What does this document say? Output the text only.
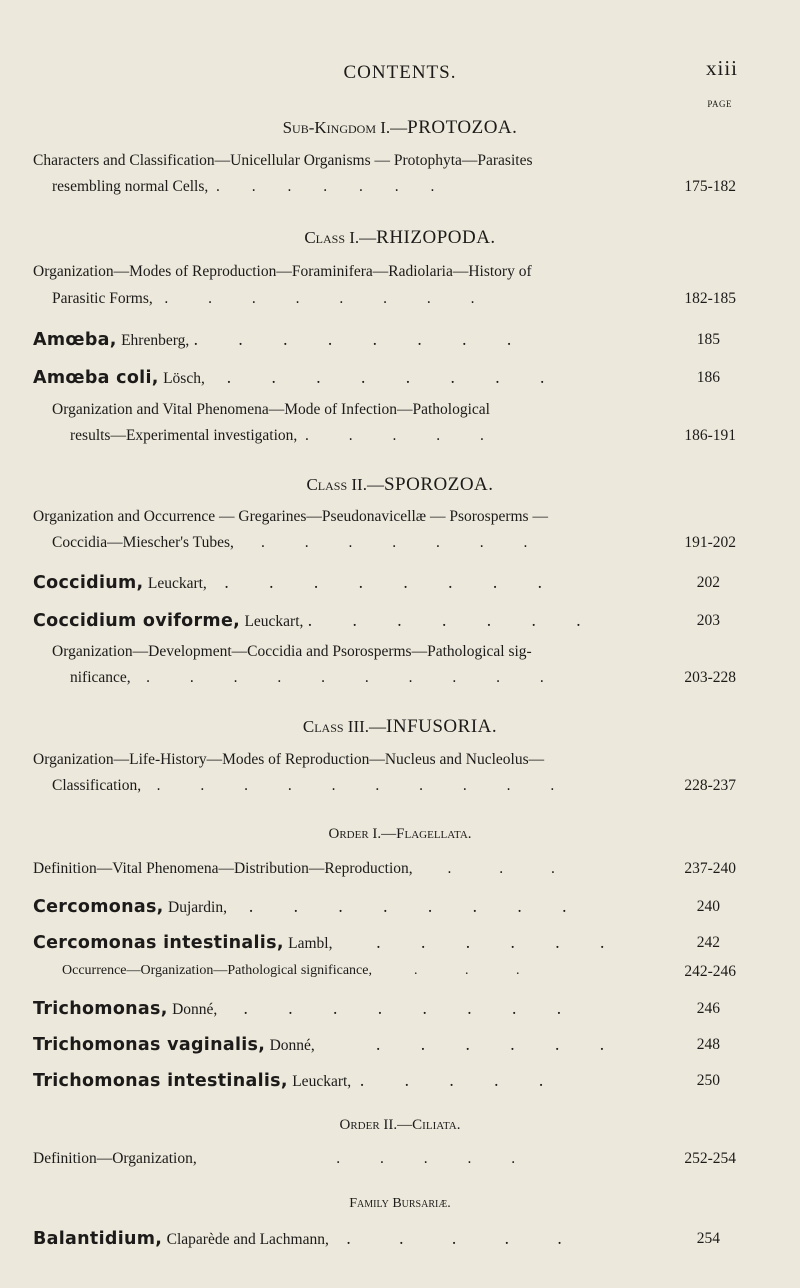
CONTENTS.	xiii
PAGE
Sub-Kingdom I.—PROTOZOA.
Characters and Classification—Unicellular Organisms — Protophyta—Parasites
resembling normal Cells, . . . . . . .	175-182
Class I.—RHIZOPODA.
Organization—Modes of Reproduction—Foraminifera—Radiolaria—History of
Parasitic Forms, . . . . . . . .	182-185
Amœba, Ehrenberg, . . . . . . . .	185
Amœba coli, Lösch, . . . . . . . .	186
Organization and Vital Phenomena—Mode of Infection—Pathological
results—Experimental investigation, . . . . .	186-191
Class II.—SPOROZOA.
Organization and Occurrence — Gregarines—Pseudonavicellæ — Psorosperms —
Coccidia—Miescher's Tubes, . . . . . . .	191-202
Coccidium, Leuckart, . . . . . . . .	202
Coccidium oviforme, Leuckart, . . . . . . .	203
Organization—Development—Coccidia and Psorosperms—Pathological sig-
nificance, . . . . . . . . . .	203-228
Class III.—INFUSORIA.
Organization—Life-History—Modes of Reproduction—Nucleus and Nucleolus—
Classification, . . . . . . . . . .	228-237
Order I.—Flagellata.
Definition—Vital Phenomena—Distribution—Reproduction, . . .	237-240
Cercomonas, Dujardin, . . . . . . . .	240
Cercomonas intestinalis, Lambl,	. . . . . .	242
Occurrence—Organization—Pathological significance,	. . .	242-246
Trichomonas, Donné, . . . . . . . .	246
Trichomonas vaginalis, Donné,	. . . . . .	248
Trichomonas intestinalis, Leuckart, . . . . .	250
Order II.—Ciliata.
Definition—Organization,	. . . . .	252-254
Family Bursariæ.
Balantidium, Claparède and Lachmann, . . . . .	254
